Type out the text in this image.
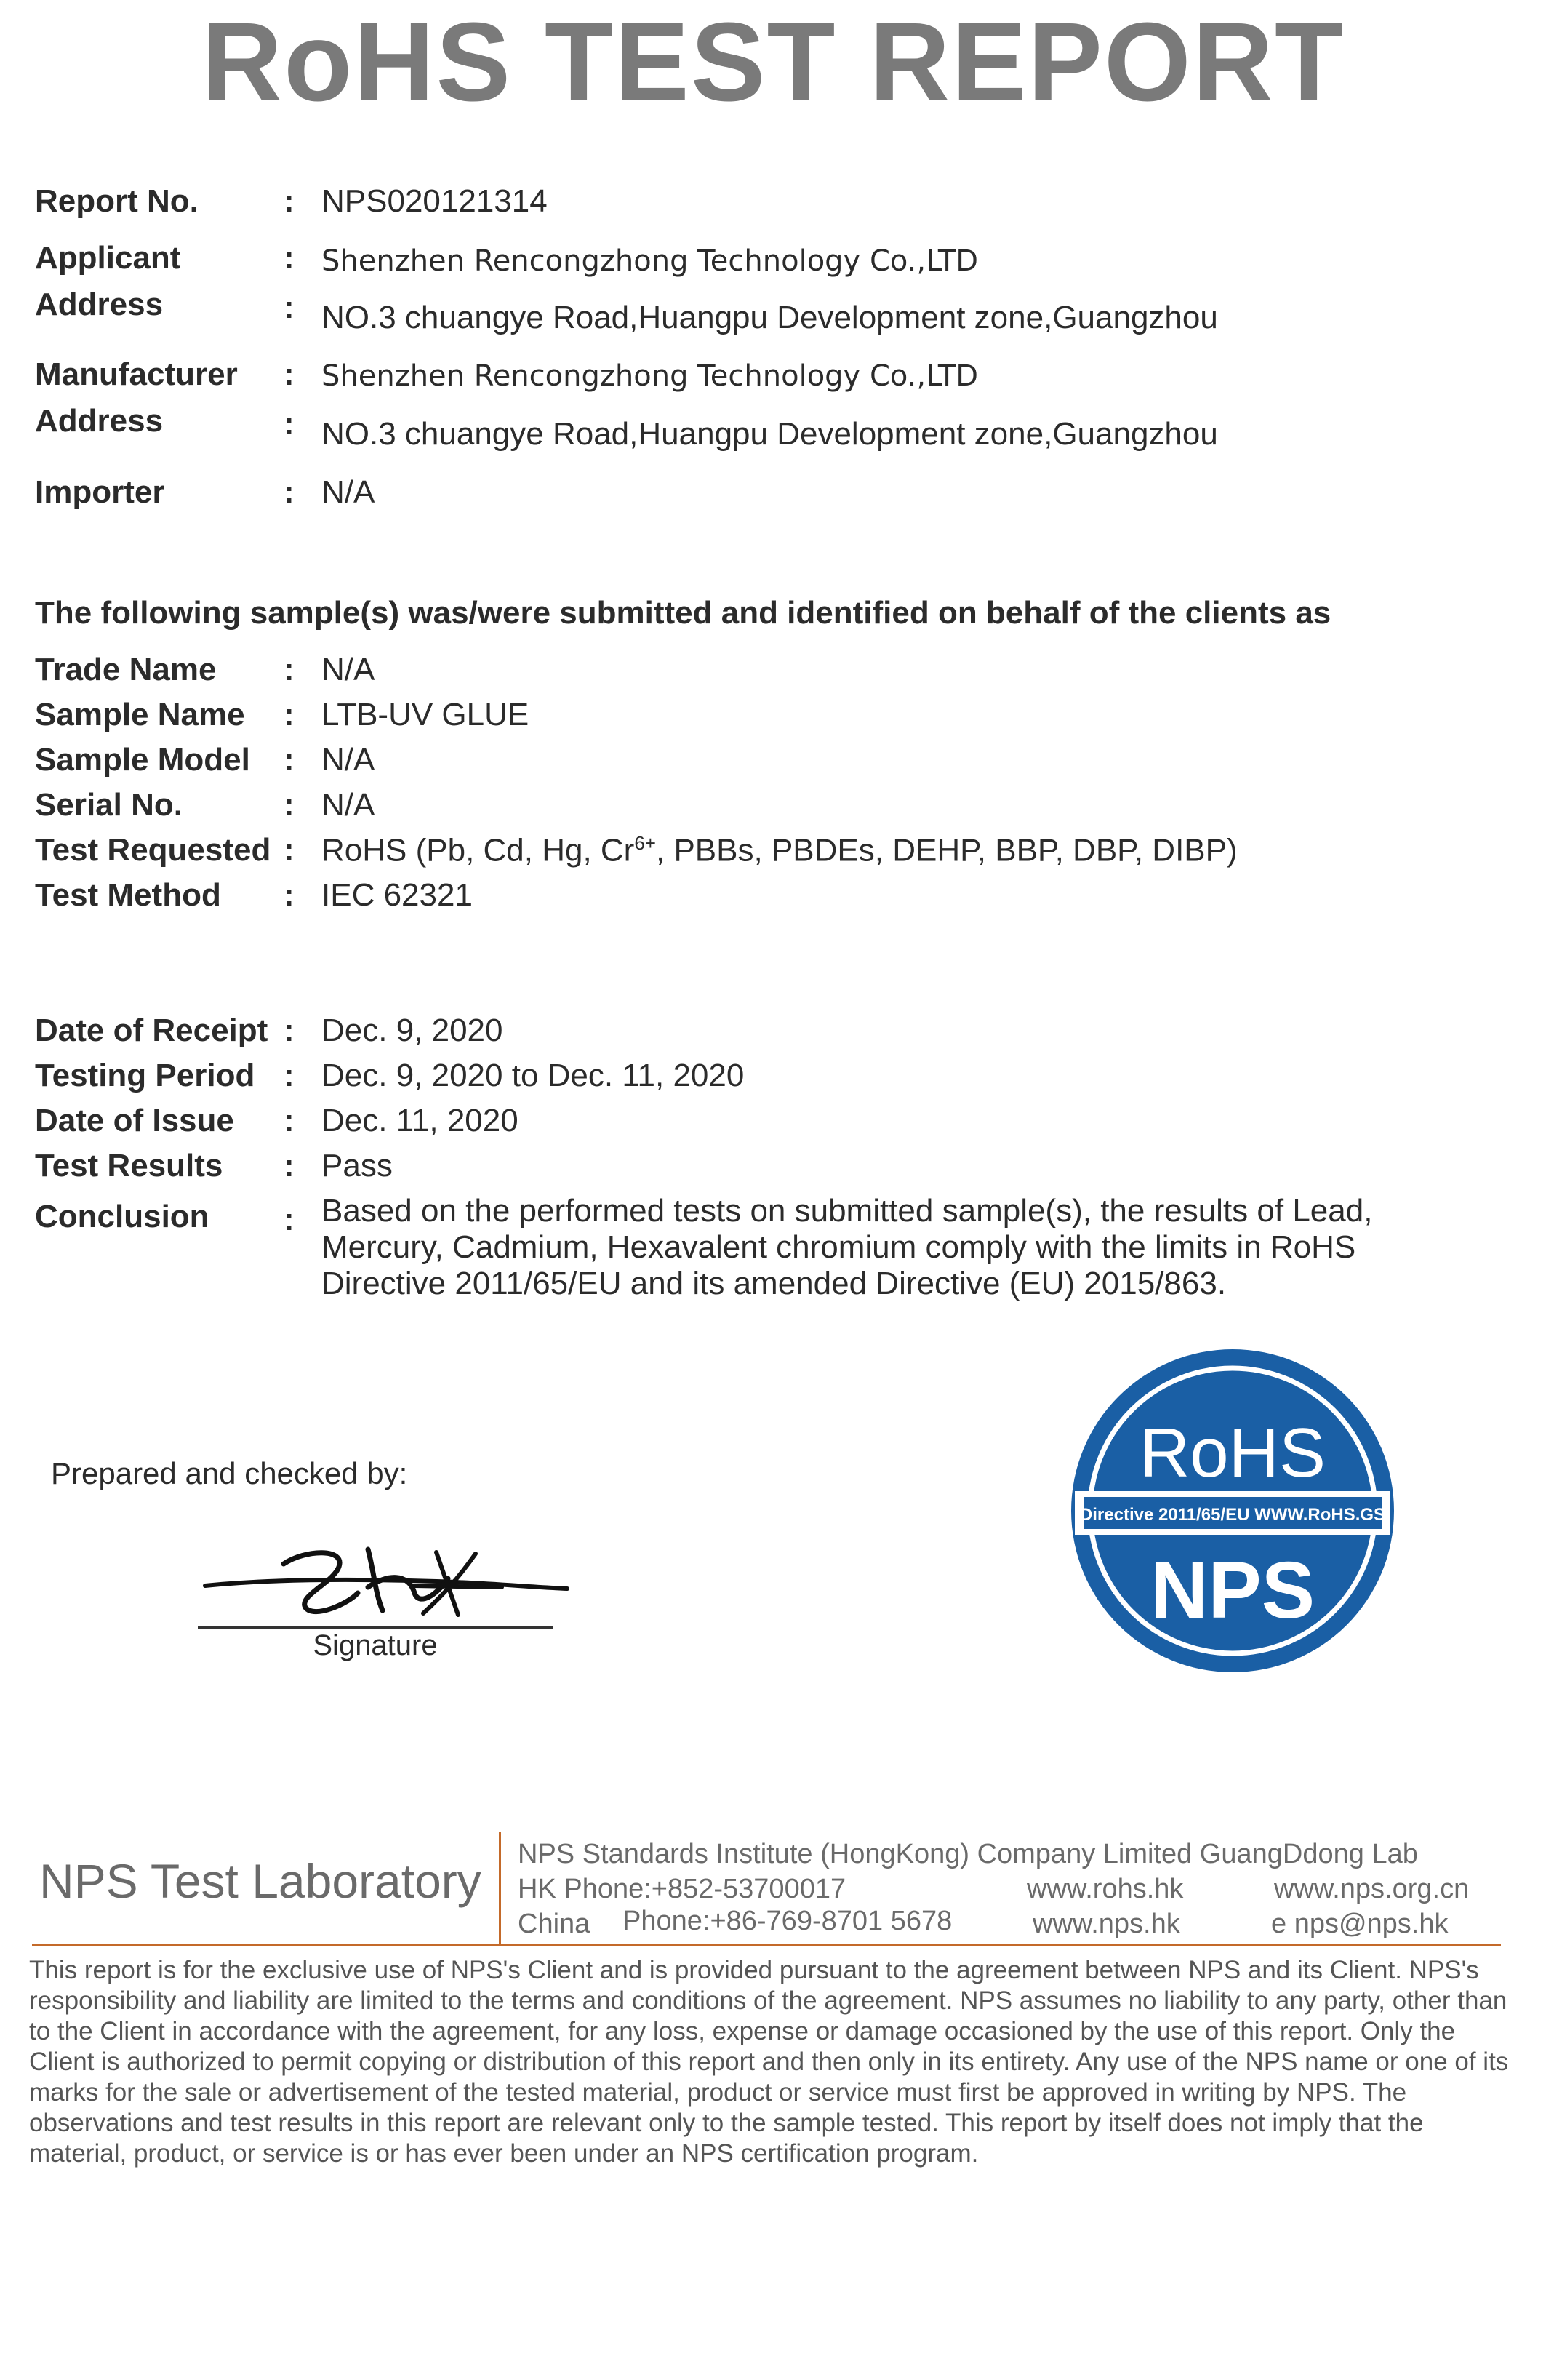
RoHS TEST REPORT
Report No.	: NPS020121314
Applicant	: Shenzhen Rencongzhong Technology Co.,LTD
Address	: NO.3 chuangye Road,Huangpu Development zone,Guangzhou
Manufacturer : Shenzhen Rencongzhong Technology Co.,LTD
Address	: NO.3 chuangye Road,Huangpu Development zone,Guangzhou
Importer	: N/A
The following sample(s) was/were submitted and identified on behalf of the clients as
Trade Name : N/A
Sample Name : LTB-UV GLUE
Sample Model : N/A
Serial No.	: N/A
Test Requested : RoHS (Pb, Cd, Hg, $Cr^{6+}$, PBBs, PBDEs, DEHP, BBP, DBP, DIBP)
Test Method : IEC 62321
Date of Receipt : Dec. 9, 2020
Testing Period : Dec. 9, 2020 to Dec. 11, 2020
Date of Issue : Dec. 11, 2020
Test Results : Pass
Conclusion : Based on the performed tests on submitted sample(s), the results of Lead, Mercury, Cadmium, Hexavalent chromium comply with the limits in RoHS Directive 2011/65/EU and its amended Directive (EU) 2015/863.
Prepared and checked by:
Signature
RoHS
Directive 2011/65/EU WWW.RoHS.GS
NPS
NPS Test Laboratory NPS Standards Institute (HongKong) Company Limited GuangDdong Lab
HK Phone:+852-53700017	www.rohs.hk	www.nps.org.cn
China Phone:+86-769-8701 5678	www.nps.hk	e nps@nps.hk
This report is for the exclusive use of NPS's Client and is provided pursuant to the agreement between NPS and its Client. NPS's responsibility and liability are limited to the terms and conditions of the agreement. NPS assumes no liability to any party, other than to the Client in accordance with the agreement, for any loss, expense or damage occasioned by the use of this report. Only the Client is authorized to permit copying or distribution of this report and then only in its entirety. Any use of the NPS name or one of its marks for the sale or advertisement of the tested material, product or service must first be approved in writing by NPS. The observations and test results in this report are relevant only to the sample tested. This report by itself does not imply that the material, product, or service is or has ever been under an NPS certification program.
